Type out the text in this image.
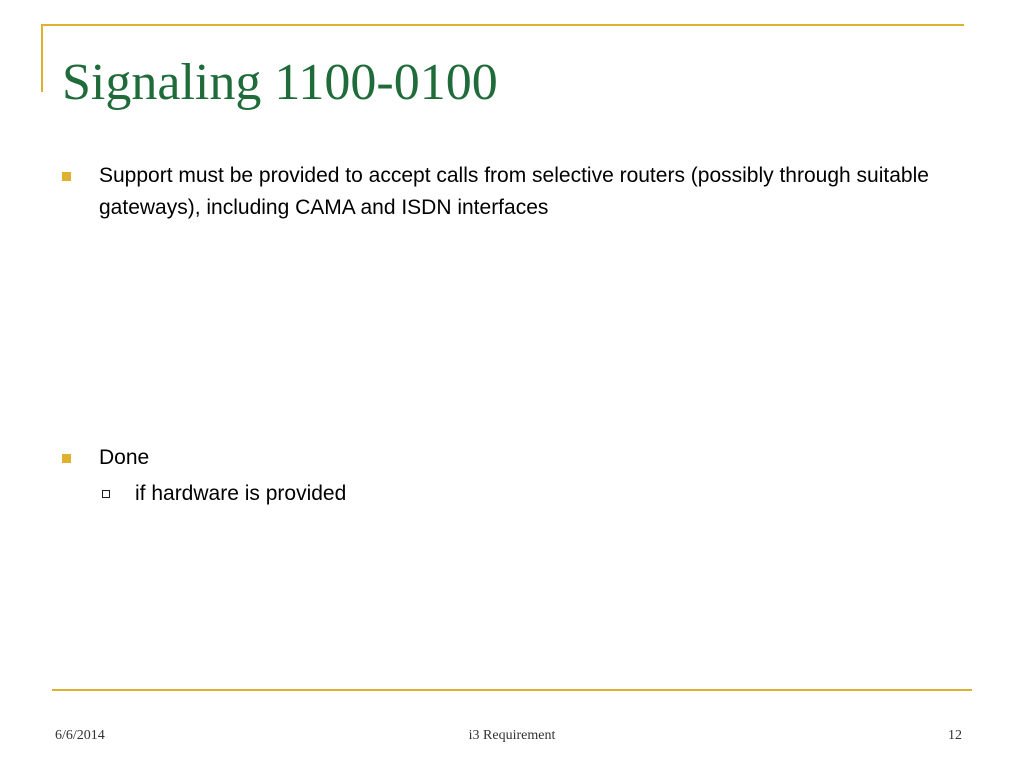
Signaling 1100-0100
Support must be provided to accept calls from selective routers (possibly through suitable gateways), including CAMA and ISDN interfaces
Done
if hardware is provided
6/6/2014	i3 Requirement	12
